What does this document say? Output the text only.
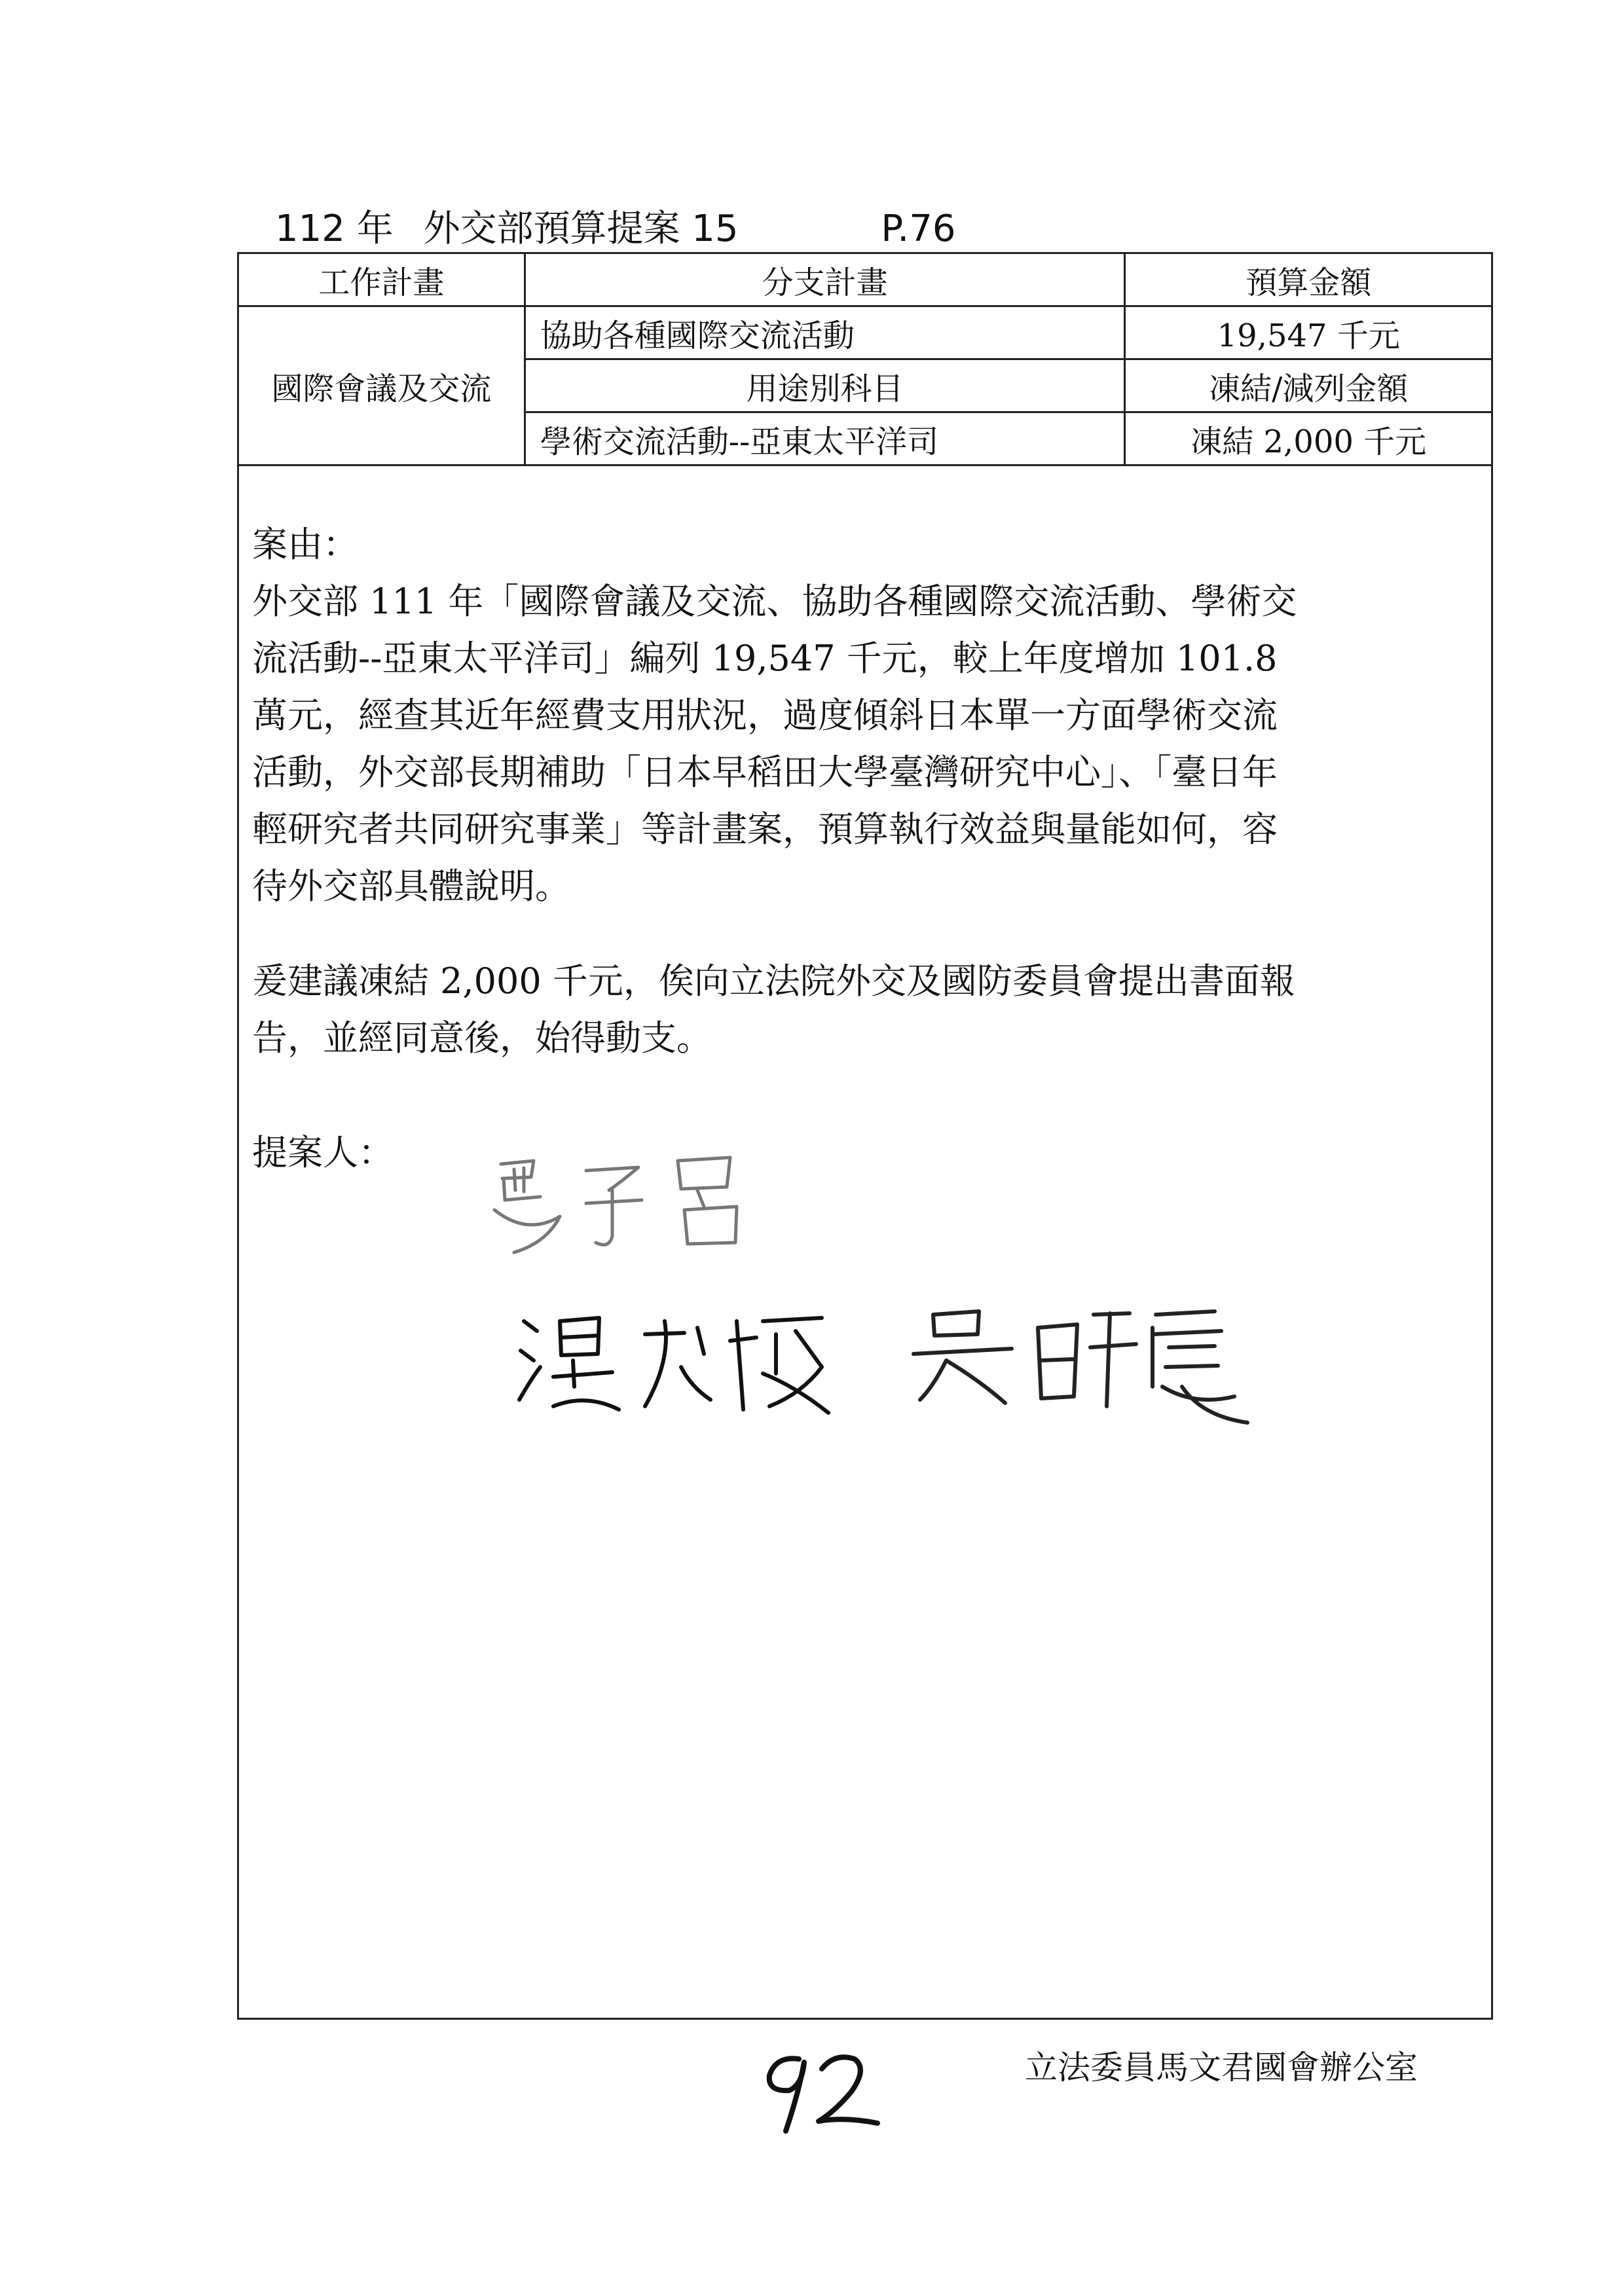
112 年 外交部預算提案 15	P.76
工作計畫	分支計畫	預算金額
國際會議及交流	協助各種國際交流活動	19,547 千元
	用途別科目	凍結/減列金額
	學術交流活動--亞東太平洋司	凍結 2,000 千元

案由：

外交部 111 年「國際會議及交流、協助各種國際交流活動、學術交

流活動--亞東太平洋司」編列 19,547 千元，較上年度增加 101.8

萬元，經查其近年經費支用狀況，過度傾斜日本單一方面學術交流

活動，外交部長期補助「日本早稻田大學臺灣研究中心」、「臺日年

輕研究者共同研究事業」等計畫案，預算執行效益與量能如何，容

待外交部具體說明。

爰建議凍結 2,000 千元，俟向立法院外交及國防委員會提出書面報

告，並經同意後，始得動支。

提案人：
立法委員馬文君國會辦公室
